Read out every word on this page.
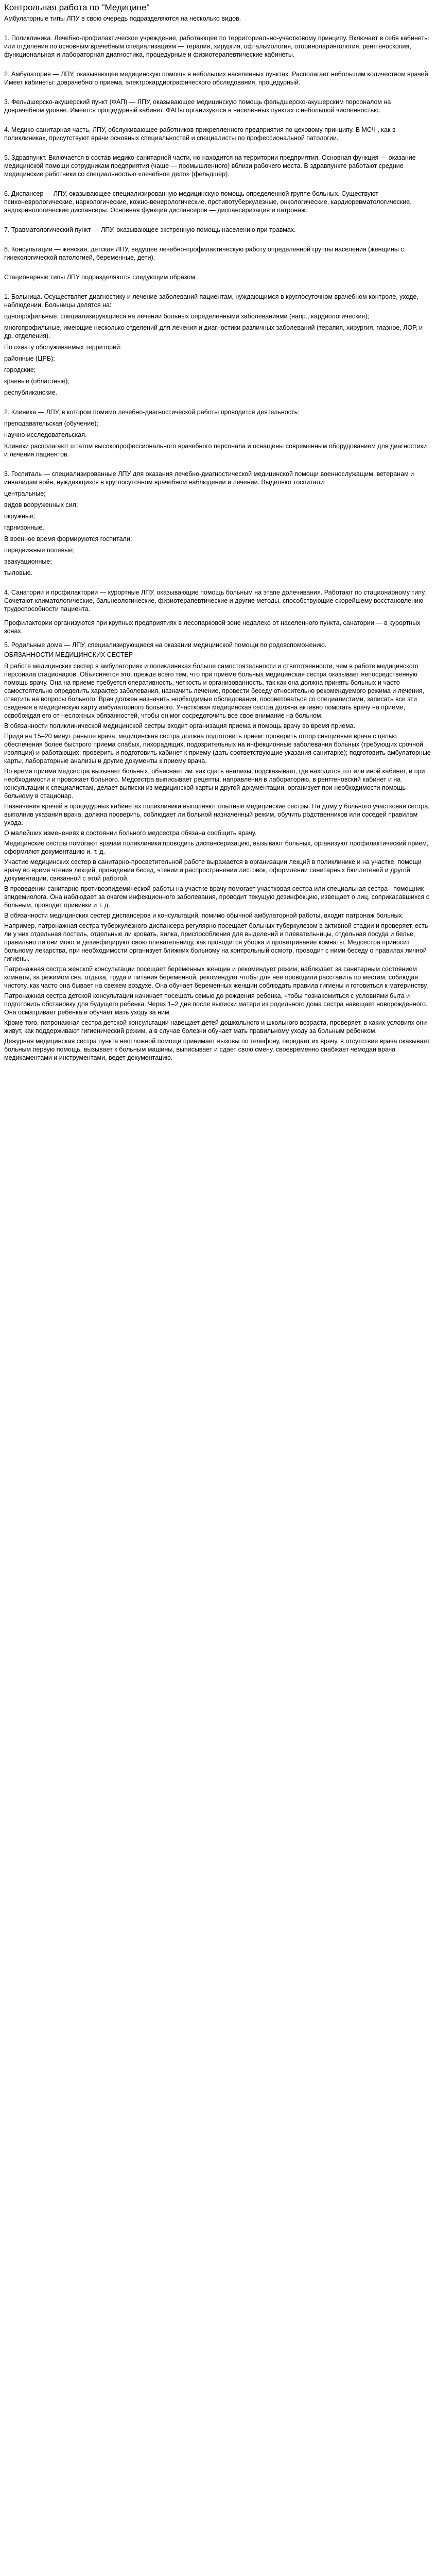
Контрольная работа по "Медицине"

Амбулаторные типы ЛПУ в свою очередь подразделяются на несколько видов.

1. Поликлиника. Лечебно-профилактическое учреждение, работающее по территориально-участковому принципу. Включает в себя кабинеты или отделения по основным врачебным специализациям — терапия, хирургия, офтальмология, оториноларингология, рентгеноскопия, функциональная и лабораторная диагностика, процедурные и физиотерапевтические кабинеты.

2. Амбулатория — ЛПУ, оказывающее медицинскую помощь в небольших населенных пунктах. Располагает небольшим количеством врачей. Имеет кабинеты: доврачебного приема, электрокардиографического обследования, процедурный.

3. Фельдшерско-акушерский пункт (ФАП) — ЛПУ, оказывающее медицинскую помощь фельдшерско-акушерским персоналом на доврачебном уровне. Имеется процедурный кабинет. ФАПы организуются в населенных пунктах с небольшой численностью.

4. Медико-санитарная часть, ЛПУ, обслуживающее работников прикрепленного предприятия по цеховому принципу. В МСЧ , как в поликлиниках, присутствуют врачи основных специальностей и специалисты по профессиональной патологии.

5. Здравпункт. Включается в состав медико-санитарной части, но находится на территории предприятия. Основная функция — оказание медицинской помощи сотрудникам предприятия (чаще — промышленного) вблизи рабочего места. В здравпункте работают средние медицинские работники со специальностью «лечебное дело» (фельдшер).

6. Диспансер — ЛПУ, оказывающее специализированную медицинскую помощь определенной группе больных. Существуют психоневрологические, наркологические, кожно-венерологические, противотуберкулезные, онкологические, кардиоревматологические, эндокринологические диспансеры. Основная функция диспансеров — диспансеризация и патронаж.

7. Травматологический пункт — ЛПУ, оказывающее экстренную помощь населению при травмах.

8. Консультации — женская, детская ЛПУ, ведущее лечебно-профилактическую работу определенной группы населения (женщины с гинекологической патологией, беременные, дети).

Стационарные типы ЛПУ подразделяются следующим образом.

1. Больница. Осуществляет диагностику и лечение заболеваний пациентам, нуждающимся в круглосуточном врачебном контроле, уходе, наблюдении. Больницы делятся на:

однопрофильные, специализирующиеся на лечении больных определенными заболеваниями (напр., кардиологические);

многопрофильные, имеющие несколько отделений для лечения и диагностики различных заболеваний (терапия, хирургия, глазное, ЛОР, и др. отделения).

По охвату обслуживаемых территорий:

районные (ЦРБ);

городские;

краевые (областные);

республиканские.

2. Клиника — ЛПУ, в котором помимо лечебно-диагностической работы проводится деятельность:

преподавательская (обучение);

научно-исследовательская.

Клиники располагают штатом высокопрофессионального врачебного персонала и оснащены современным оборудованием для диагностики и лечения пациентов.

3. Госпиталь — специализированные ЛПУ для оказания лечебно-диагностической медицинской помощи военнослужащим, ветеранам и инвалидам войн, нуждающихся в круглосуточном врачебном наблюдении и лечении. Выделяют госпитали:

центральные;

видов вооруженных сил;

окружные;

гарнизонные.

В военное время формируются госпитали:

передвижные полевые;

эвакуационные;

тыловые.

4. Санатории и профилактории — курортные ЛПУ, оказывающие помощь больным на этапе долечивания. Работают по стационарному типу. Сочетают климатологические, бальнеологические, физиотерапевтические и другие методы, способствующие скорейшему восстановлению трудоспособности пациента.

Профилактории организуются при крупных предприятиях в лесопарковой зоне недалеко от населенного пункта, санатории — в курортных зонах.

5. Родильные дома — ЛПУ, специализирующиеся на оказании медицинской помощи по родовспоможению.

ОБЯЗАННОСТИ МЕДИЦИНСКИХ СЕСТЕР

В работе медицинских сестер в амбулаториях и поликлиниках больше самостоятельности и ответственности, чем в работе медицинского персонала стационаров. Объясняется это, прежде всего тем, что при приеме больных медицинская сестра оказывает непосредственную помощь врачу. Она на приеме требуется оперативность, четкость и организованность, так как она должна принять больных и часто самостоятельно определить характер заболевания, назначить лечение, провести беседу относительно рекомендуемого режима и лечения, ответить на вопросы больного. Врач должен назначить необходимые обследования, посоветоваться со специалистами, записать все эти сведения в медицинскую карту амбулаторного больного. Участковая медицинская сестра должна активно помогать врачу на приеме, освобождая его от несложных обязанностей, чтобы он мог сосредоточить все свое внимание на больном.

В обязанности поликлинической медицинской сестры входит организация приема и помощь врачу во время приема.

Придя на 15–20 минут раньше врача, медицинская сестра должна подготовить прием: проверить отпор сиящиевые врача с целью обеспечения более быстрого приема слабых, пихорадящих, подозрительных на инфекционные заболевания больных (требующих срочной изоляции) и работающих; проверить и подготовить кабинет к приему (дать соответствующие указания санитарке); подготовить амбулаторные карты, лабораторные анализы и другие документы к приему врача.

Во время приема медсестра вызывает больных, объясняет им. как сдать анализы, подсказывает, где находится тот или иной кабинет, и при необходимости и провожает больного. Медсестра выписывает рецепты, направления в лабораторию, в рентгеновский кабинет и на консультации к специалистам, делает выписки из медицинской карты и другой документации, организует при необходимости помощь больному в стационар.

Назначения врачей в процедурных кабинетах поликлиники выполняют опытные медицинские сестры. На дому у больного участковая сестра, выполнив указания врача, должна проверить, соблюдает ли больной назначенный режим, обучить родственников или соседей правилам ухода.

О малейших изменениях в состоянии больного медсестра обязана сообщить врачу.

Медицинские сестры помогают врачам поликлиники проводить диспансеризацию, вызывают больных, организуют профилактический прием, оформляют документацию и. т. д.

Участие медицинских сестер в санитарно-просветительной работе выражается в организации лекций в поликлинике и на участке, помощи врачу во время чтения лекций, проведении бесед, чтении и распространении листовок, оформлении санитарных бюллетеней и другой документации, связанной с этой работой.

В проведении санитарно-противоэпидемической работы на участке врачу помогает участковая сестра или специальная сестра - помощник эпидемиолога. Она наблюдает за очагом инфекционного заболевания, проводит текущую дезинфекцию, извещает о лиц, соприкасавшихся с больным, проводит прививки и т. д.

В обязанности медицинских сестер диспансеров и консультаций, помимо обычной амбулаторной работы, входит патронаж больных.

Например, патронажная сестра туберкулезного диспансера регулярно посещает больных туберкулезом в активной стадии и проверяет, есть ли у них отдельная постель, отдельные ли кровать, вилка, приспособления для выделений и плевательницы, отдельная посуда и белье, правильно ли они моют и дезинфицируют свою плевательницу, как проводится уборка и проветривание комнаты. Медсестра приносит больному лекарства, при необходимости организует ближних больному на контрольный осмотр, проводит с ними беседу о правилах личной гигиены.

Патронажная сестра женской консультации посещает беременных женщин и рекомендует режим, наблюдает за санитарным состоянием комнаты, за режимом сна, отдыха, труда и питания беременной, рекомендует чтобы для неё проводили расставить по местам, соблюдая чистоту, как часто она бывает на свежем воздухе. Она обучает беременных женщин соблюдать правила гигиены и готовиться к материнству.

Патронажная сестра детской консультации начинает посещать семью до рождения ребенка, чтобы познакомиться с условиями быта и подготовить обстановку для будущего ребенка. Через 1–2 дня после выписки матери из родильного дома сестра навещает новорожденного. Она осматривает ребенка и обучает мать уходу за ним.

Кроме того, патронажная сестра детской консультации навещает детей дошкольного и школьного возраста, проверяет, в каких условиях они живут, как поддерживают гигиенический режим, а в случае болезни обучает мать правильному уходу за больным ребенком.

Дежурная медицинская сестра пункта неотложной помощи принимает вызовы по телефону, передает их врачу, в отсутствие врача оказывает больным первую помощь, вызывает к больным машины, выписывает и сдает свою смену, своевременно снабжает чемодан врача медикаментами и инструментами, ведет документацию.
